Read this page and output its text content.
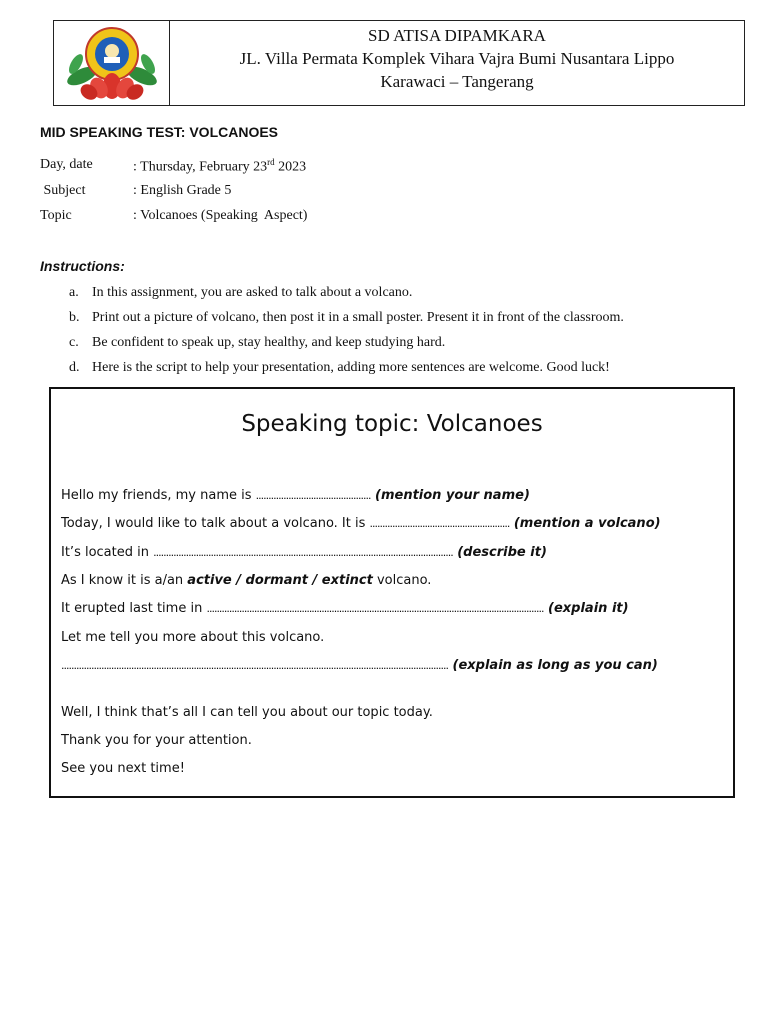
SD ATISA DIPAMKARA
JL. Villa Permata Komplek Vihara Vajra Bumi Nusantara Lippo
Karawaci – Tangerang
MID SPEAKING TEST: VOLCANOES
Day, date	: Thursday, February 23rd 2023
Subject	: English Grade 5
Topic	: Volcanoes (Speaking  Aspect)
Instructions:
a. In this assignment, you are asked to talk about a volcano.
b. Print out a picture of volcano, then post it in a small poster. Present it in front of the classroom.
c. Be confident to speak up, stay healthy, and keep studying hard.
d. Here is the script to help your presentation, adding more sentences are welcome. Good luck!
Speaking topic: Volcanoes
Hello my friends, my name is .............................................. (mention your name)
Today, I would like to talk about a volcano. It is ........................................................ (mention a volcano)
It’s located in ........................................................................................................................ (describe it)
As I know it is a/an active / dormant / extinct volcano.
It erupted last time in ....................................................................................................................................... (explain it)
Let me tell you more about this volcano.
........................................................................................................................................................... (explain as long as you can)
Well, I think that’s all I can tell you about our topic today.
Thank you for your attention.
See you next time!
